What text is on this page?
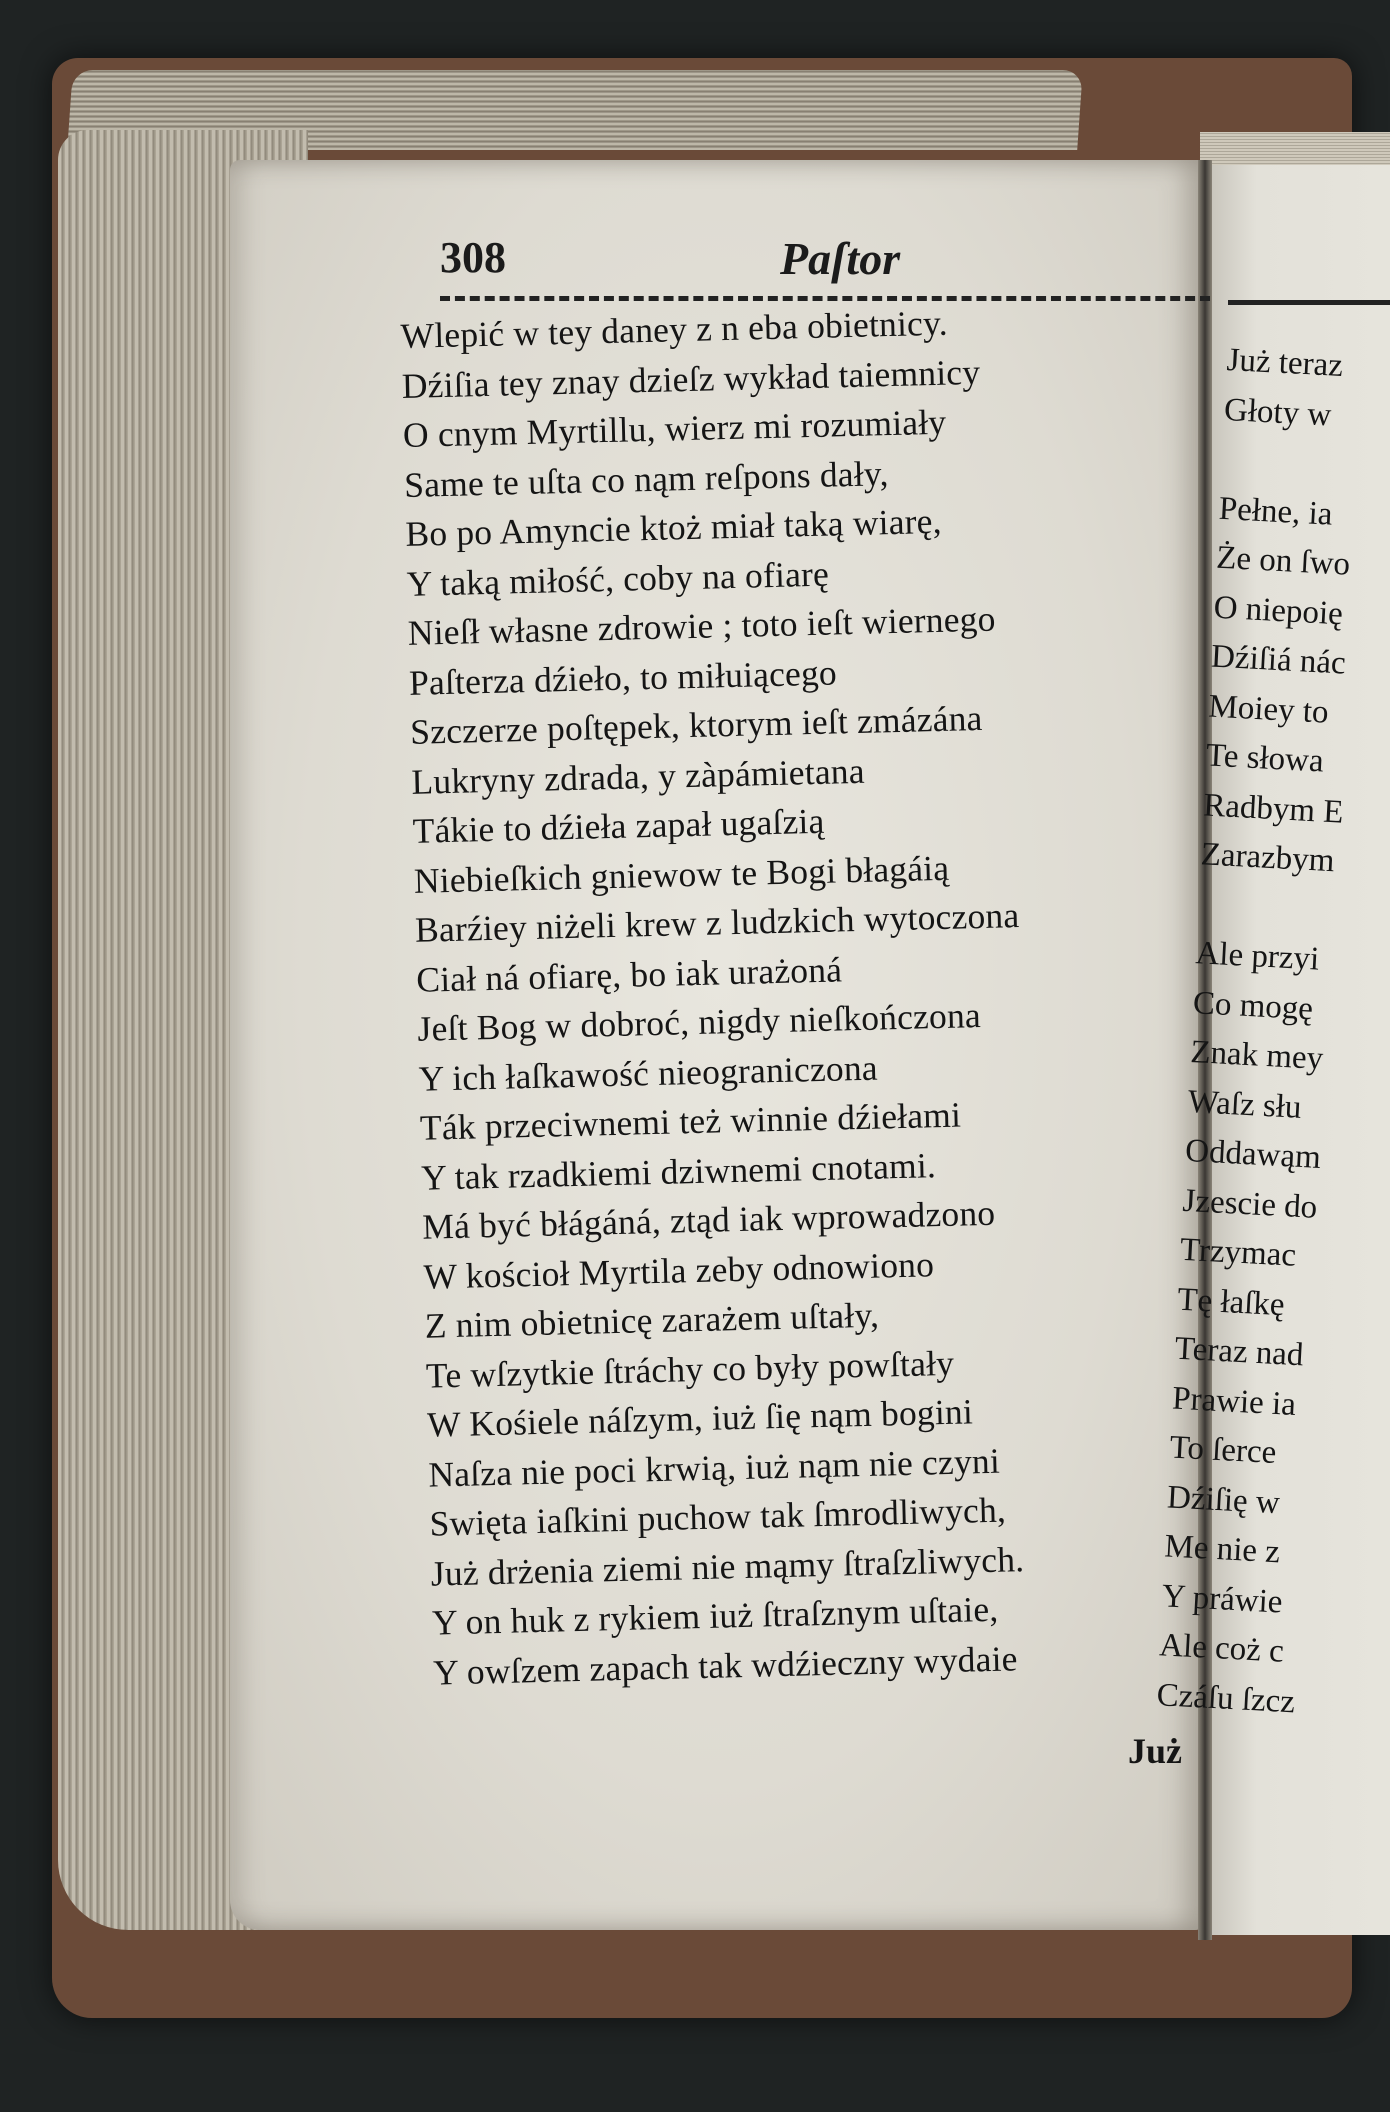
308	Paſtor
Wlepić w tey daney z n eba obietnicy.
Dźiſia tey znay dzieſz wykład taiemnicy
O cnym Myrtillu, wierz mi rozumiały
Same te uſta co nąm reſpons dały,
Bo po Amyncie ktoż miał taką wiarę,
Y taką miłość, coby na ofiarę
Nieſł własne zdrowie ; toto ieſt wiernego
Paſterza dźieło, to miłuiącego
Szczerze poſtępek, ktorym ieſt zmázána
Lukryny zdrada, y zàpámietana
Tákie to dźieła zapał ugaſzią
Niebieſkich gniewow te Bogi błagáią
Barźiey niżeli krew z ludzkich wytoczona
Ciał ná ofiarę, bo iak urażoná
Jeſt Bog w dobroć, nigdy nieſkończona
Y ich łaſkawość nieograniczona
Ták przeciwnemi też winnie dźiełami
Y tak rzadkiemi dziwnemi cnotami.
Má być błágáná, ztąd iak wprowadzono
W kościoł Myrtila zeby odnowiono
Z nim obietnicę zarażem uſtały,
Te wſzytkie ſtráchy co były powſtały
W Kośiele náſzym, iuż ſię nąm bogini
Naſza nie poci krwią, iuż nąm nie czyni
Swięta iaſkini puchow tak ſmrodliwych,
Już drżenia ziemi nie mąmy ſtraſzliwych.
Y on huk z rykiem iuż ſtraſznym uſtaie,
Y owſzem zapach tak wdźieczny wydaie
Już
Już teraz
Głoty w
Pełne, ia
Że on ſwo
O niepoię
Dźiſiá nác
Moiey to
Te słowa
Radbym E
Zarazbym
Ale przyi
Co mogę
Znak mey
Waſz słu
Oddawąm
Jzescie do
Trzymac
Tę łaſkę
Teraz nad
Prawie ia
To ſerce
Dźiſię w
Me nie z
Y práwie
Ale coż c
Czáſu ſzcz
